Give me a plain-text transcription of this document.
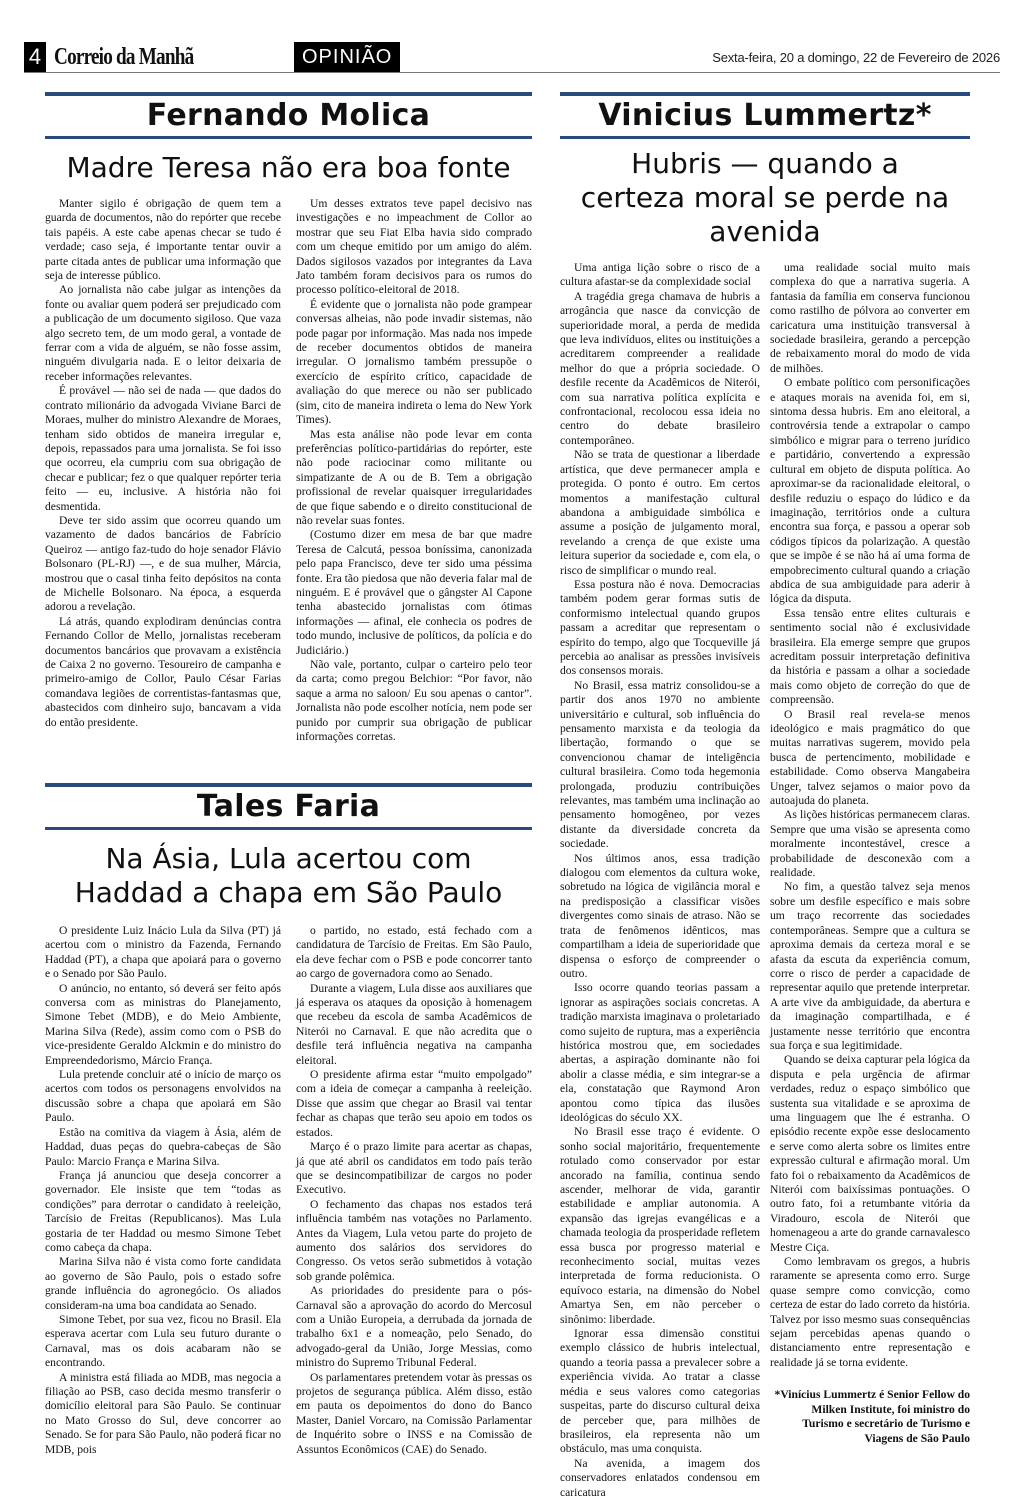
4 Correio da Manhã	OPINIÃO	Sexta-feira, 20 a domingo, 22 de Fevereiro de 2026
Fernando Molica
Madre Teresa não era boa fonte

Manter sigilo é obrigação de quem tem a guarda de documentos, não do repórter que recebe tais papéis. A este cabe apenas checar se tudo é verdade; caso seja, é importante tentar ouvir a parte citada antes de publicar uma informação que seja de interesse público.

Ao jornalista não cabe julgar as intenções da fonte ou avaliar quem poderá ser prejudicado com a publicação de um documento sigiloso. Que vaza algo secreto tem, de um modo geral, a vontade de ferrar com a vida de alguém, se não fosse assim, ninguém divulgaria nada. E o leitor deixaria de receber informações relevantes.

É provável — não sei de nada — que dados do contrato milionário da advogada Viviane Barci de Moraes, mulher do ministro Alexandre de Moraes, tenham sido obtidos de maneira irregular e, depois, repassados para uma jornalista. Se foi isso que ocorreu, ela cumpriu com sua obrigação de checar e publicar; fez o que qualquer repórter teria feito — eu, inclusive. A história não foi desmentida.

Deve ter sido assim que ocorreu quando um vazamento de dados bancários de Fabrício Queiroz — antigo faz-tudo do hoje senador Flávio Bolsonaro (PL-RJ) —, e de sua mulher, Márcia, mostrou que o casal tinha feito depósitos na conta de Michelle Bolsonaro. Na época, a esquerda adorou a revelação.

Lá atrás, quando explodiram denúncias contra Fernando Collor de Mello, jornalistas receberam documentos bancários que provavam a existência de Caixa 2 no governo. Tesoureiro de campanha e primeiro-amigo de Collor, Paulo César Farias comandava legiões de correntistas-fantasmas que, abastecidos com dinheiro sujo, bancavam a vida do então presidente.

Um desses extratos teve papel decisivo nas investigações e no impeachment de Collor ao mostrar que seu Fiat Elba havia sido comprado com um cheque emitido por um amigo do além. Dados sigilosos vazados por integrantes da Lava Jato também foram decisivos para os rumos do processo político-eleitoral de 2018.

É evidente que o jornalista não pode grampear conversas alheias, não pode invadir sistemas, não pode pagar por informação. Mas nada nos impede de receber documentos obtidos de maneira irregular. O jornalismo também pressupõe o exercício de espírito crítico, capacidade de avaliação do que merece ou não ser publicado (sim, cito de maneira indireta o lema do New York Times).

Mas esta análise não pode levar em conta preferências político-partidárias do repórter, este não pode raciocinar como militante ou simpatizante de A ou de B. Tem a obrigação profissional de revelar quaisquer irregularidades de que fique sabendo e o direito constitucional de não revelar suas fontes.

(Costumo dizer em mesa de bar que madre Teresa de Calcutá, pessoa boníssima, canonizada pelo papa Francisco, deve ter sido uma péssima fonte. Era tão piedosa que não deveria falar mal de ninguém. E é provável que o gângster Al Capone tenha abastecido jornalistas com ótimas informações — afinal, ele conhecia os podres de todo mundo, inclusive de políticos, da polícia e do Judiciário.)

Não vale, portanto, culpar o carteiro pelo teor da carta; como pregou Belchior: “Por favor, não saque a arma no saloon/ Eu sou apenas o cantor”. Jornalista não pode escolher notícia, nem pode ser punido por cumprir sua obrigação de publicar informações corretas.

Tales Faria
Na Ásia, Lula acertou com Haddad a chapa em São Paulo

O presidente Luiz Inácio Lula da Silva (PT) já acertou com o ministro da Fazenda, Fernando Haddad (PT), a chapa que apoiará para o governo e o Senado por São Paulo.

O anúncio, no entanto, só deverá ser feito após conversa com as ministras do Planejamento, Simone Tebet (MDB), e do Meio Ambiente, Marina Silva (Rede), assim como com o PSB do vice-presidente Geraldo Alckmin e do ministro do Empreendedorismo, Márcio França.

Lula pretende concluir até o início de março os acertos com todos os personagens envolvidos na discussão sobre a chapa que apoiará em São Paulo.

Estão na comitiva da viagem à Ásia, além de Haddad, duas peças do quebra-cabeças de São Paulo: Marcio França e Marina Silva.

França já anunciou que deseja concorrer a governador. Ele insiste que tem “todas as condições” para derrotar o candidato à reeleição, Tarcísio de Freitas (Republicanos). Mas Lula gostaria de ter Haddad ou mesmo Simone Tebet como cabeça da chapa.

Marina Silva não é vista como forte candidata ao governo de São Paulo, pois o estado sofre grande influência do agronegócio. Os aliados consideram-na uma boa candidata ao Senado.

Simone Tebet, por sua vez, ficou no Brasil. Ela esperava acertar com Lula seu futuro durante o Carnaval, mas os dois acabaram não se encontrando.

A ministra está filiada ao MDB, mas negocia a filiação ao PSB, caso decida mesmo transferir o domicílio eleitoral para São Paulo. Se continuar no Mato Grosso do Sul, deve concorrer ao Senado. Se for para São Paulo, não poderá ficar no MDB, pois

o partido, no estado, está fechado com a candidatura de Tarcísio de Freitas. Em São Paulo, ela deve fechar com o PSB e pode concorrer tanto ao cargo de governadora como ao Senado.

Durante a viagem, Lula disse aos auxiliares que já esperava os ataques da oposição à homenagem que recebeu da escola de samba Acadêmicos de Niterói no Carnaval. E que não acredita que o desfile terá influência negativa na campanha eleitoral.

O presidente afirma estar “muito empolgado” com a ideia de começar a campanha à reeleição. Disse que assim que chegar ao Brasil vai tentar fechar as chapas que terão seu apoio em todos os estados.

Março é o prazo limite para acertar as chapas, já que até abril os candidatos em todo país terão que se desincompatibilizar de cargos no poder Executivo.

O fechamento das chapas nos estados terá influência também nas votações no Parlamento. Antes da Viagem, Lula vetou parte do projeto de aumento dos salários dos servidores do Congresso. Os vetos serão submetidos à votação sob grande polêmica.

As prioridades do presidente para o pós-Carnaval são a aprovação do acordo do Mercosul com a União Europeia, a derrubada da jornada de trabalho 6x1 e a nomeação, pelo Senado, do advogado-geral da União, Jorge Messias, como ministro do Supremo Tribunal Federal.

Os parlamentares pretendem votar às pressas os projetos de segurança pública. Além disso, estão em pauta os depoimentos do dono do Banco Master, Daniel Vorcaro, na Comissão Parlamentar de Inquérito sobre o INSS e na Comissão de Assuntos Econômicos (CAE) do Senado.

Vinicius Lummertz*
Hubris — quando a certeza moral se perde na avenida

Uma antiga lição sobre o risco de a cultura afastar-se da complexidade social

A tragédia grega chamava de hubris a arrogância que nasce da convicção de superioridade moral, a perda de medida que leva indivíduos, elites ou instituições a acreditarem compreender a realidade melhor do que a própria sociedade. O desfile recente da Acadêmicos de Niterói, com sua narrativa política explícita e confrontacional, recolocou essa ideia no centro do debate brasileiro contemporâneo.

Não se trata de questionar a liberdade artística, que deve permanecer ampla e protegida. O ponto é outro. Em certos momentos a manifestação cultural abandona a ambiguidade simbólica e assume a posição de julgamento moral, revelando a crença de que existe uma leitura superior da sociedade e, com ela, o risco de simplificar o mundo real.

Essa postura não é nova. Democracias também podem gerar formas sutis de conformismo intelectual quando grupos passam a acreditar que representam o espírito do tempo, algo que Tocqueville já percebia ao analisar as pressões invisíveis dos consensos morais.

No Brasil, essa matriz consolidou-se a partir dos anos 1970 no ambiente universitário e cultural, sob influência do pensamento marxista e da teologia da libertação, formando o que se convencionou chamar de inteligência cultural brasileira. Como toda hegemonia prolongada, produziu contribuições relevantes, mas também uma inclinação ao pensamento homogêneo, por vezes distante da diversidade concreta da sociedade.

Nos últimos anos, essa tradição dialogou com elementos da cultura woke, sobretudo na lógica de vigilância moral e na predisposição a classificar visões divergentes como sinais de atraso. Não se trata de fenômenos idênticos, mas compartilham a ideia de superioridade que dispensa o esforço de compreender o outro.

Isso ocorre quando teorias passam a ignorar as aspirações sociais concretas. A tradição marxista imaginava o proletariado como sujeito de ruptura, mas a experiência histórica mostrou que, em sociedades abertas, a aspiração dominante não foi abolir a classe média, e sim integrar-se a ela, constatação que Raymond Aron apontou como típica das ilusões ideológicas do século XX.

No Brasil esse traço é evidente. O sonho social majoritário, frequentemente rotulado como conservador por estar ancorado na família, continua sendo ascender, melhorar de vida, garantir estabilidade e ampliar autonomia. A expansão das igrejas evangélicas e a chamada teologia da prosperidade refletem essa busca por progresso material e reconhecimento social, muitas vezes interpretada de forma reducionista. O equívoco estaria, na dimensão do Nobel Amartya Sen, em não perceber o sinônimo: liberdade.

Ignorar essa dimensão constitui exemplo clássico de hubris intelectual, quando a teoria passa a prevalecer sobre a experiência vivida. Ao tratar a classe média e seus valores como categorias suspeitas, parte do discurso cultural deixa de perceber que, para milhões de brasileiros, ela representa não um obstáculo, mas uma conquista.

Na avenida, a imagem dos conservadores enlatados condensou em caricatura

uma realidade social muito mais complexa do que a narrativa sugeria. A fantasia da família em conserva funcionou como rastilho de pólvora ao converter em caricatura uma instituição transversal à sociedade brasileira, gerando a percepção de rebaixamento moral do modo de vida de milhões.

O embate político com personificações e ataques morais na avenida foi, em si, sintoma dessa hubris. Em ano eleitoral, a controvérsia tende a extrapolar o campo simbólico e migrar para o terreno jurídico e partidário, convertendo a expressão cultural em objeto de disputa política. Ao aproximar-se da racionalidade eleitoral, o desfile reduziu o espaço do lúdico e da imaginação, territórios onde a cultura encontra sua força, e passou a operar sob códigos típicos da polarização. A questão que se impõe é se não há aí uma forma de empobrecimento cultural quando a criação abdica de sua ambiguidade para aderir à lógica da disputa.

Essa tensão entre elites culturais e sentimento social não é exclusividade brasileira. Ela emerge sempre que grupos acreditam possuir interpretação definitiva da história e passam a olhar a sociedade mais como objeto de correção do que de compreensão.

O Brasil real revela-se menos ideológico e mais pragmático do que muitas narrativas sugerem, movido pela busca de pertencimento, mobilidade e estabilidade. Como observa Mangabeira Unger, talvez sejamos o maior povo da autoajuda do planeta.

As lições históricas permanecem claras. Sempre que uma visão se apresenta como moralmente incontestável, cresce a probabilidade de desconexão com a realidade.

No fim, a questão talvez seja menos sobre um desfile específico e mais sobre um traço recorrente das sociedades contemporâneas. Sempre que a cultura se aproxima demais da certeza moral e se afasta da escuta da experiência comum, corre o risco de perder a capacidade de representar aquilo que pretende interpretar. A arte vive da ambiguidade, da abertura e da imaginação compartilhada, e é justamente nesse território que encontra sua força e sua legitimidade.

Quando se deixa capturar pela lógica da disputa e pela urgência de afirmar verdades, reduz o espaço simbólico que sustenta sua vitalidade e se aproxima de uma linguagem que lhe é estranha. O episódio recente expõe esse deslocamento e serve como alerta sobre os limites entre expressão cultural e afirmação moral. Um fato foi o rebaixamento da Acadêmicos de Niterói com baixíssimas pontuações. O outro fato, foi a retumbante vitória da Viradouro, escola de Niterói que homenageou a arte do grande carnavalesco Mestre Ciça.

Como lembravam os gregos, a hubris raramente se apresenta como erro. Surge quase sempre como convicção, como certeza de estar do lado correto da história. Talvez por isso mesmo suas consequências sejam percebidas apenas quando o distanciamento entre representação e realidade já se torna evidente.

*Vinícius Lummertz é Senior Fellow do Milken Institute, foi ministro do Turismo e secretário de Turismo e Viagens de São Paulo
